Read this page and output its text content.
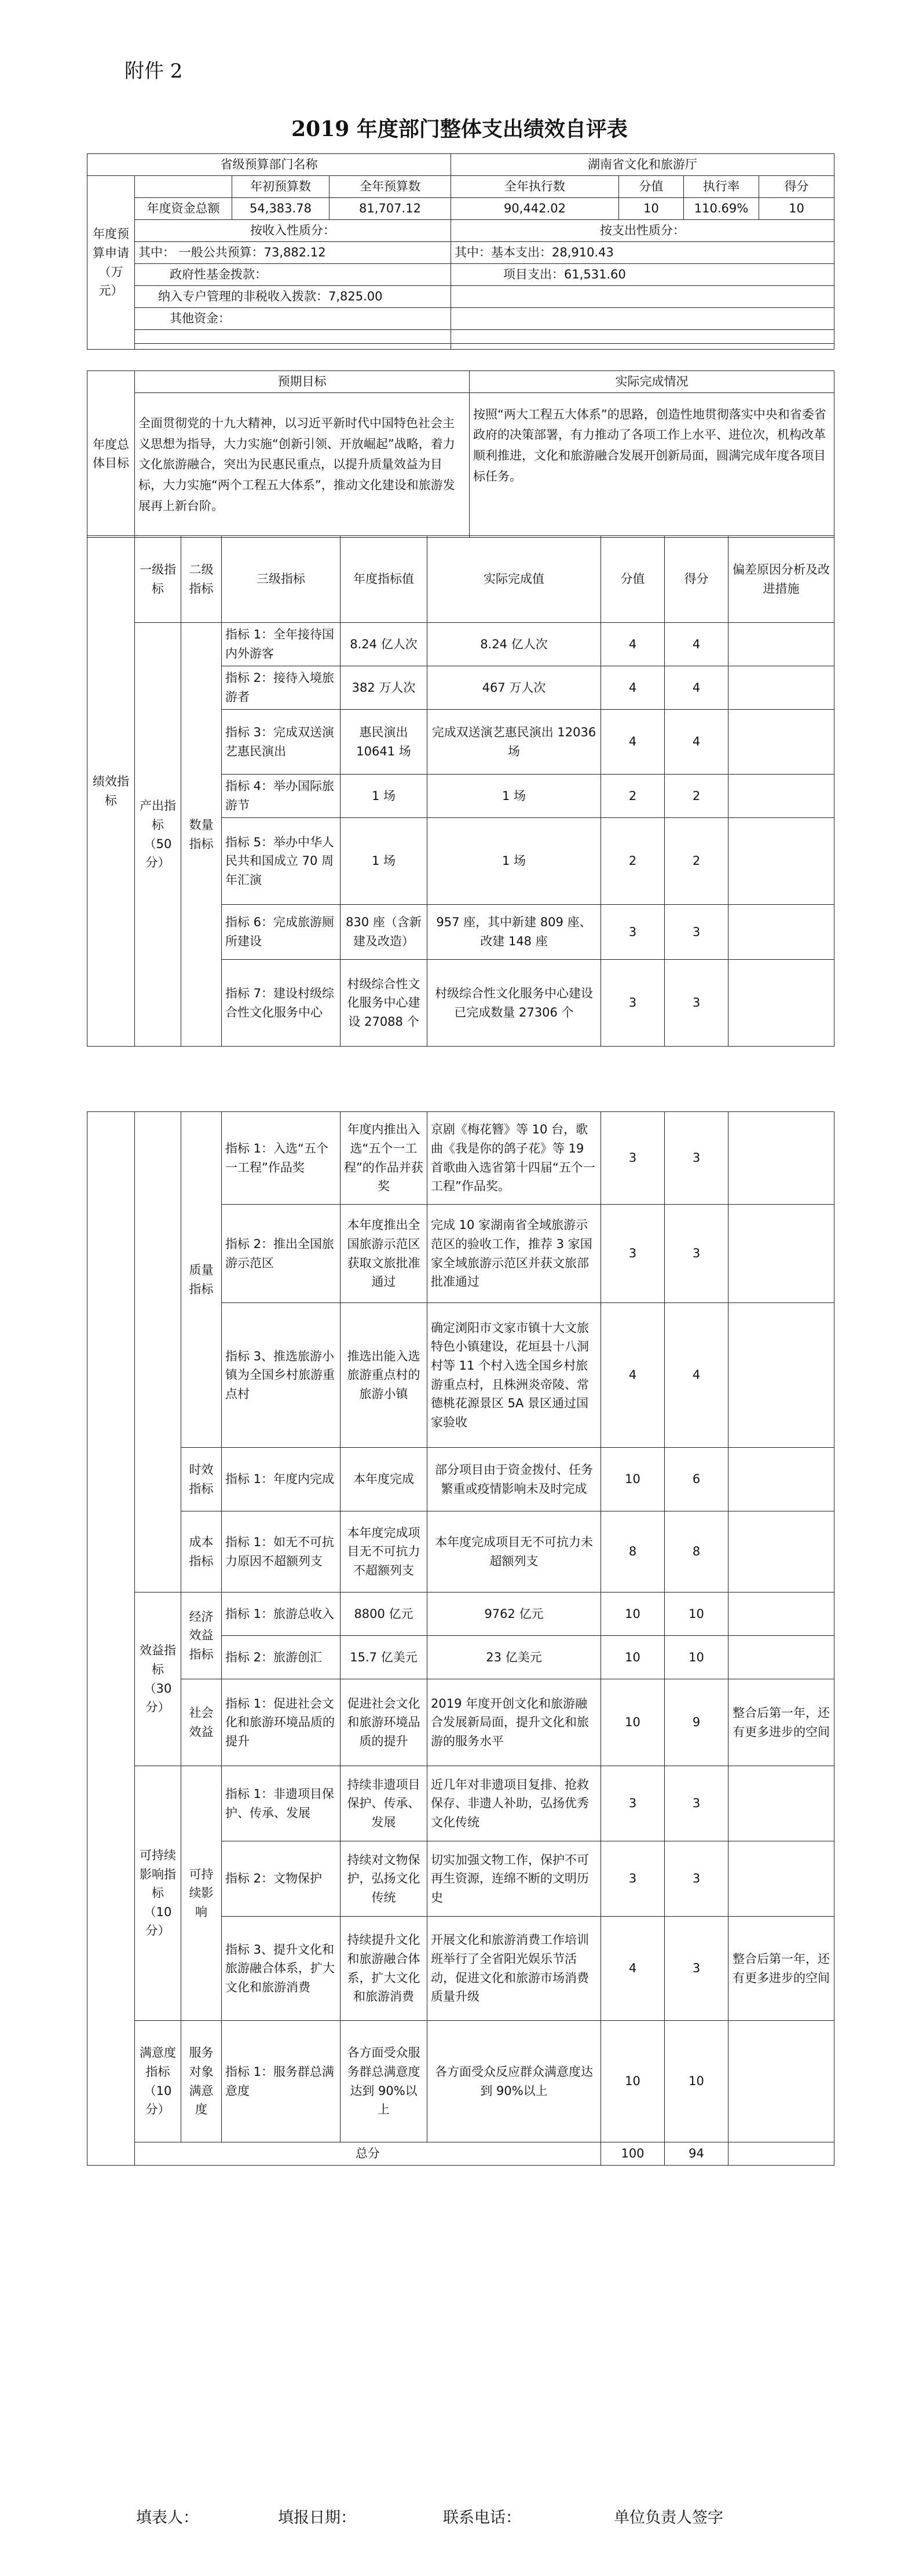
附件 2
2019 年度部门整体支出绩效自评表
省级预算部门名称				湖南省文化和旅游厅			
年度预算申请（万元）		年初预算数	全年预算数	全年执行数	分值	执行率	得分
	年度资金总额	54,383.78	81,707.12	90,442.02	10	110.69%	10
	按收入性质分：			按支出性质分：			
	其中： 一般公共预算：73,882.12			其中：基本支出：28,910.43			
	政府性基金拨款：			项目支出：61,531.60			
	纳入专户管理的非税收入拨款：7,825.00						
	其他资金：						

年度总体目标	预期目标	实际完成情况
	全面贯彻党的十九大精神，以习近平新时代中国特色社会主义思想为指导，大力实施“创新引领、开放崛起”战略，着力文化旅游融合，突出为民惠民重点，以提升质量效益为目标，大力实施“两个工程五大体系”，推动文化建设和旅游发展再上新台阶。	按照“两大工程五大体系”的思路，创造性地贯彻落实中央和省委省政府的决策部署，有力推动了各项工作上水平、进位次，机构改革顺利推进，文化和旅游融合发展开创新局面，圆满完成年度各项目标任务。
绩效指标	一级指标	二级指标	三级指标	年度指标值	实际完成值	分值	得分	偏差原因分析及改进措施
	产出指标（50分）	数量指标	指标 1：全年接待国内外游客	8.24 亿人次	8.24 亿人次	4	4	
			指标 2：接待入境旅游者	382 万人次	467 万人次	4	4	
			指标 3：完成双送演艺惠民演出	惠民演出 10641 场	完成双送演艺惠民演出 12036 场	4	4	
			指标 4：举办国际旅游节	1 场	1 场	2	2	
			指标 5：举办中华人民共和国成立 70 周年汇演	1 场	1 场	2	2	
			指标 6：完成旅游厕所建设	830 座（含新建及改造）	957 座，其中新建 809 座、改建 148 座	3	3	
			指标 7：建设村级综合性文化服务中心	村级综合性文化服务中心建设 27088 个	村级综合性文化服务中心建设已完成数量 27306 个	3	3	
		质量指标	指标 1：入选“五个一工程”作品奖	年度内推出入选“五个一工程”的作品并获奖	京剧《梅花簪》等 10 台，歌曲《我是你的鸽子花》等 19 首歌曲入选省第十四届“五个一工程”作品奖。	3	3	
			指标 2：推出全国旅游示范区	本年度推出全国旅游示范区获取文旅批准通过	完成 10 家湖南省全域旅游示范区的验收工作，推荐 3 家国家全域旅游示范区并获文旅部批准通过	3	3	
			指标 3、推选旅游小镇为全国乡村旅游重点村	推选出能入选旅游重点村的旅游小镇	确定浏阳市文家市镇十大文旅特色小镇建设，花垣县十八洞村等 11 个村入选全国乡村旅游重点村，且株洲炎帝陵、常德桃花源景区 5A 景区通过国家验收	4	4	
		时效指标	指标 1：年度内完成	本年度完成	部分项目由于资金拨付、任务繁重或疫情影响未及时完成	10	6	
		成本指标	指标 1：如无不可抗力原因不超额列支	本年度完成项目无不可抗力不超额列支	本年度完成项目无不可抗力未超额列支	8	8	
	效益指标（30分）	经济效益指标	指标 1：旅游总收入	8800 亿元	9762 亿元	10	10	
			指标 2：旅游创汇	15.7 亿美元	23 亿美元	10	10	
		社会效益	指标 1：促进社会文化和旅游环境品质的提升	促进社会文化和旅游环境品质的提升	2019 年度开创文化和旅游融合发展新局面，提升文化和旅游的服务水平	10	9	整合后第一年，还有更多进步的空间
	可持续影响指标（10分）	可持续影响	指标 1：非遗项目保护、传承、发展	持续非遗项目保护、传承、发展	近几年对非遗项目复排、抢救保存、非遗人补助，弘扬优秀文化传统	3	3	
			指标 2：文物保护	持续对文物保护，弘扬文化传统	切实加强文物工作，保护不可再生资源，连绵不断的文明历史	3	3	
			指标 3、提升文化和旅游融合体系，扩大文化和旅游消费	持续提升文化和旅游融合体系，扩大文化和旅游消费	开展文化和旅游消费工作培训班举行了全省阳光娱乐节活动，促进文化和旅游市场消费质量升级	4	3	整合后第一年，还有更多进步的空间
	满意度指标（10分）	服务对象满意度	指标 1：服务群总满意度	各方面受众服务群总满意度达到 90%以上	各方面受众反应群众满意度达到 90%以上	10	10	
	总分					100	94	
填表人：	填报日期：	联系电话：	单位负责人签字
